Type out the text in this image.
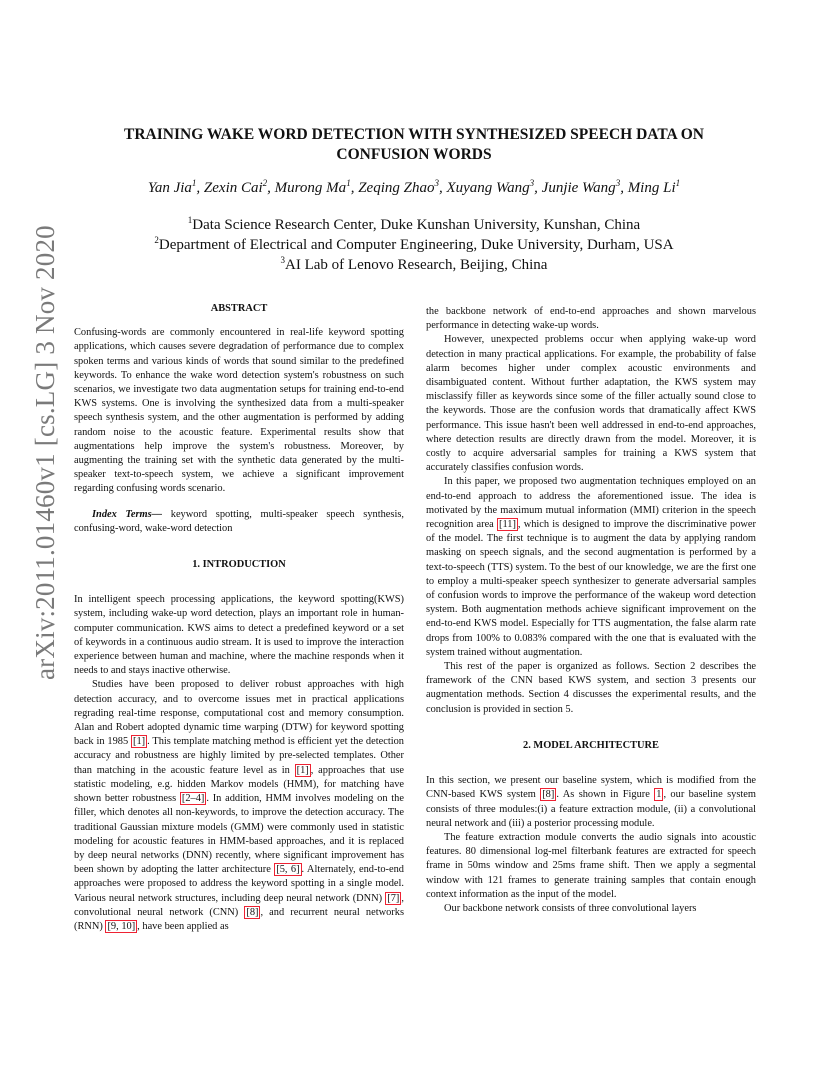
arXiv:2011.01460v1 [cs.LG] 3 Nov 2020
TRAINING WAKE WORD DETECTION WITH SYNTHESIZED SPEECH DATA ON CONFUSION WORDS
Yan Jia$^1$, Zexin Cai$^2$, Murong Ma$^1$, Zeqing Zhao$^3$, Xuyang Wang$^3$, Junjie Wang$^3$, Ming Li$^1$
$^1$Data Science Research Center, Duke Kunshan University, Kunshan, China
$^2$Department of Electrical and Computer Engineering, Duke University, Durham, USA
$^3$AI Lab of Lenovo Research, Beijing, China
ABSTRACT

Confusing-words are commonly encountered in real-life keyword spotting applications, which causes severe degradation of performance due to complex spoken terms and various kinds of words that sound similar to the predefined keywords. To enhance the wake word detection system's robustness on such scenarios, we investigate two data augmentation setups for training end-to-end KWS systems. One is involving the synthesized data from a multi-speaker speech synthesis system, and the other augmentation is performed by adding random noise to the acoustic feature. Experimental results show that augmentations help improve the system's robustness. Moreover, by augmenting the training set with the synthetic data generated by the multi-speaker text-to-speech system, we achieve a significant improvement regarding confusing words scenario.

Index Terms— keyword spotting, multi-speaker speech synthesis, confusing-word, wake-word detection

1. INTRODUCTION

In intelligent speech processing applications, the keyword spotting(KWS) system, including wake-up word detection, plays an important role in human-computer communication. KWS aims to detect a predefined keyword or a set of keywords in a continuous audio stream. It is used to improve the interaction experience between human and machine, where the machine responds when it needs to and stays inactive otherwise.

Studies have been proposed to deliver robust approaches with high detection accuracy, and to overcome issues met in practical applications regrading real-time response, computational cost and memory consumption. Alan and Robert adopted dynamic time warping (DTW) for keyword spotting back in 1985 [1] . This template matching method is efficient yet the detection accuracy and robustness are highly limited by pre-selected templates. Other than matching in the acoustic feature level as in [1] , approaches that use statistic modeling, e.g. hidden Markov models (HMM), for matching have shown better robustness [2–4] . In addition, HMM involves modeling on the filler, which denotes all non-keywords, to improve the detection accuracy. The traditional Gaussian mixture models (GMM) were commonly used in statistic modeling for acoustic features in HMM-based approaches, and it is replaced by deep neural networks (DNN) recently, where significant improvement has been shown by adopting the latter architecture [5, 6] . Alternately, end-to-end approaches were proposed to address the keyword spotting in a single model. Various neural network structures, including deep neural network (DNN) [7] , convolutional neural network (CNN) [8] , and recurrent neural networks (RNN) [9, 10] , have been applied as

the backbone network of end-to-end approaches and shown marvelous performance in detecting wake-up words.

However, unexpected problems occur when applying wake-up word detection in many practical applications. For example, the probability of false alarm becomes higher under complex acoustic environments and disambiguated content. Without further adaptation, the KWS system may misclassify filler as keywords since some of the filler actually sound close to the keywords. Those are the confusion words that dramatically affect KWS performance. This issue hasn't been well addressed in end-to-end approaches, where detection results are directly drawn from the model. Moreover, it is costly to acquire adversarial samples for training a KWS system that accurately classifies confusion words.

In this paper, we proposed two augmentation techniques employed on an end-to-end approach to address the aforementioned issue. The idea is motivated by the maximum mutual information (MMI) criterion in the speech recognition area [11] , which is designed to improve the discriminative power of the model. The first technique is to augment the data by applying random masking on speech signals, and the second augmentation is performed by a text-to-speech (TTS) system. To the best of our knowledge, we are the first one to employ a multi-speaker speech synthesizer to generate adversarial samples of confusion words to improve the performance of the wakeup word detection system. Both augmentation methods achieve significant improvement on the end-to-end KWS model. Especially for TTS augmentation, the false alarm rate drops from 100% to 0.083% compared with the one that is evaluated with the system trained without augmentation.

This rest of the paper is organized as follows. Section 2 describes the framework of the CNN based KWS system, and section 3 presents our augmentation methods. Section 4 discusses the experimental results, and the conclusion is provided in section 5.

2. MODEL ARCHITECTURE

In this section, we present our baseline system, which is modified from the CNN-based KWS system [8] . As shown in Figure 1 , our baseline system consists of three modules:(i) a feature extraction module, (ii) a convolutional neural network and (iii) a posterior processing module.

The feature extraction module converts the audio signals into acoustic features. 80 dimensional log-mel filterbank features are extracted for speech frame in 50ms window and 25ms frame shift. Then we apply a segmental window with 121 frames to generate training samples that contain enough context information as the input of the model.

Our backbone network consists of three convolutional layers
